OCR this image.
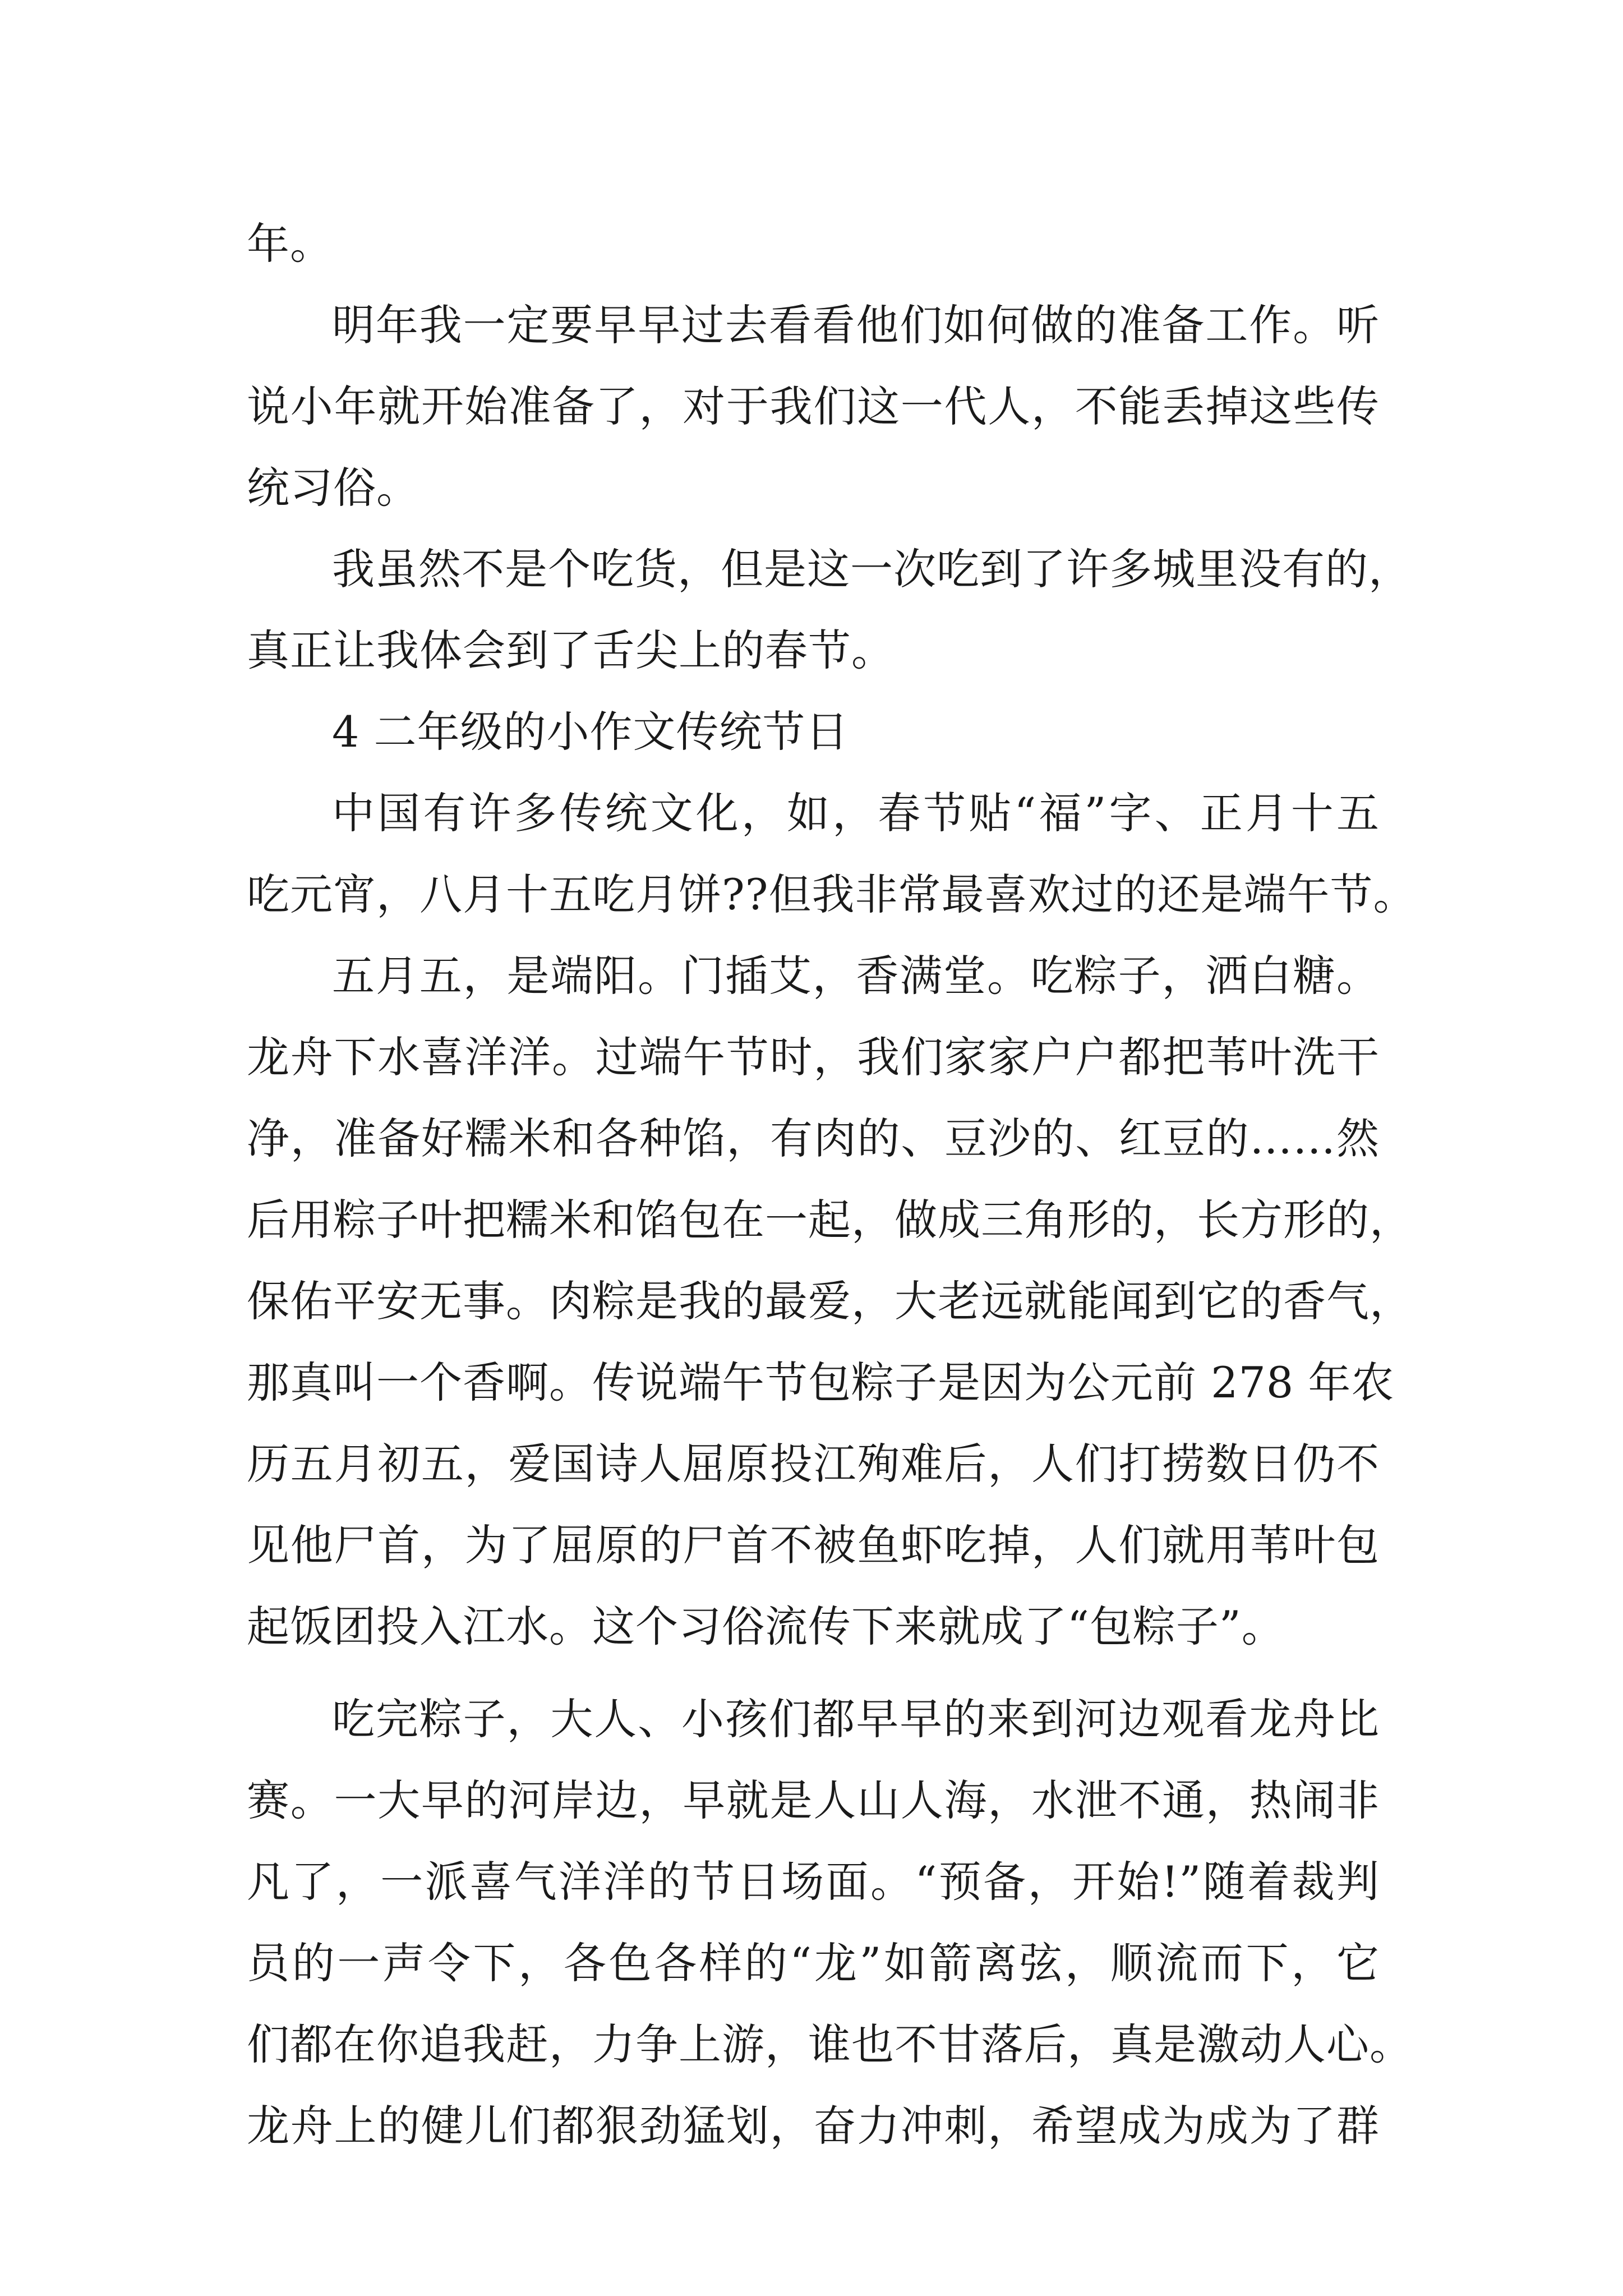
年。
明年我一定要早早过去看看他们如何做的准备工作。听
说小年就开始准备了，对于我们这一代人，不能丢掉这些传
统习俗。
我虽然不是个吃货，但是这一次吃到了许多城里没有的，
真正让我体会到了舌尖上的春节。
4 二年级的小作文传统节日
中国有许多传统文化，如，春节贴“福”字、正月十五
吃元宵，八月十五吃月饼??但我非常最喜欢过的还是端午节。
五月五，是端阳。门插艾，香满堂。吃粽子，洒白糖。
龙舟下水喜洋洋。过端午节时，我们家家户户都把苇叶洗干
净，准备好糯米和各种馅，有肉的、豆沙的、红豆的……然
后用粽子叶把糯米和馅包在一起，做成三角形的，长方形的，
保佑平安无事。肉粽是我的最爱，大老远就能闻到它的香气，
那真叫一个香啊。传说端午节包粽子是因为公元前 278 年农
历五月初五，爱国诗人屈原投江殉难后，人们打捞数日仍不
见他尸首，为了屈原的尸首不被鱼虾吃掉，人们就用苇叶包
起饭团投入江水。这个习俗流传下来就成了“包粽子”。
吃完粽子，大人、小孩们都早早的来到河边观看龙舟比
赛。一大早的河岸边，早就是人山人海，水泄不通，热闹非
凡了，一派喜气洋洋的节日场面。“预备，开始!”随着裁判
员的一声令下，各色各样的“龙”如箭离弦，顺流而下，它
们都在你追我赶，力争上游，谁也不甘落后，真是激动人心。
龙舟上的健儿们都狠劲猛划，奋力冲刺，希望成为成为了群
